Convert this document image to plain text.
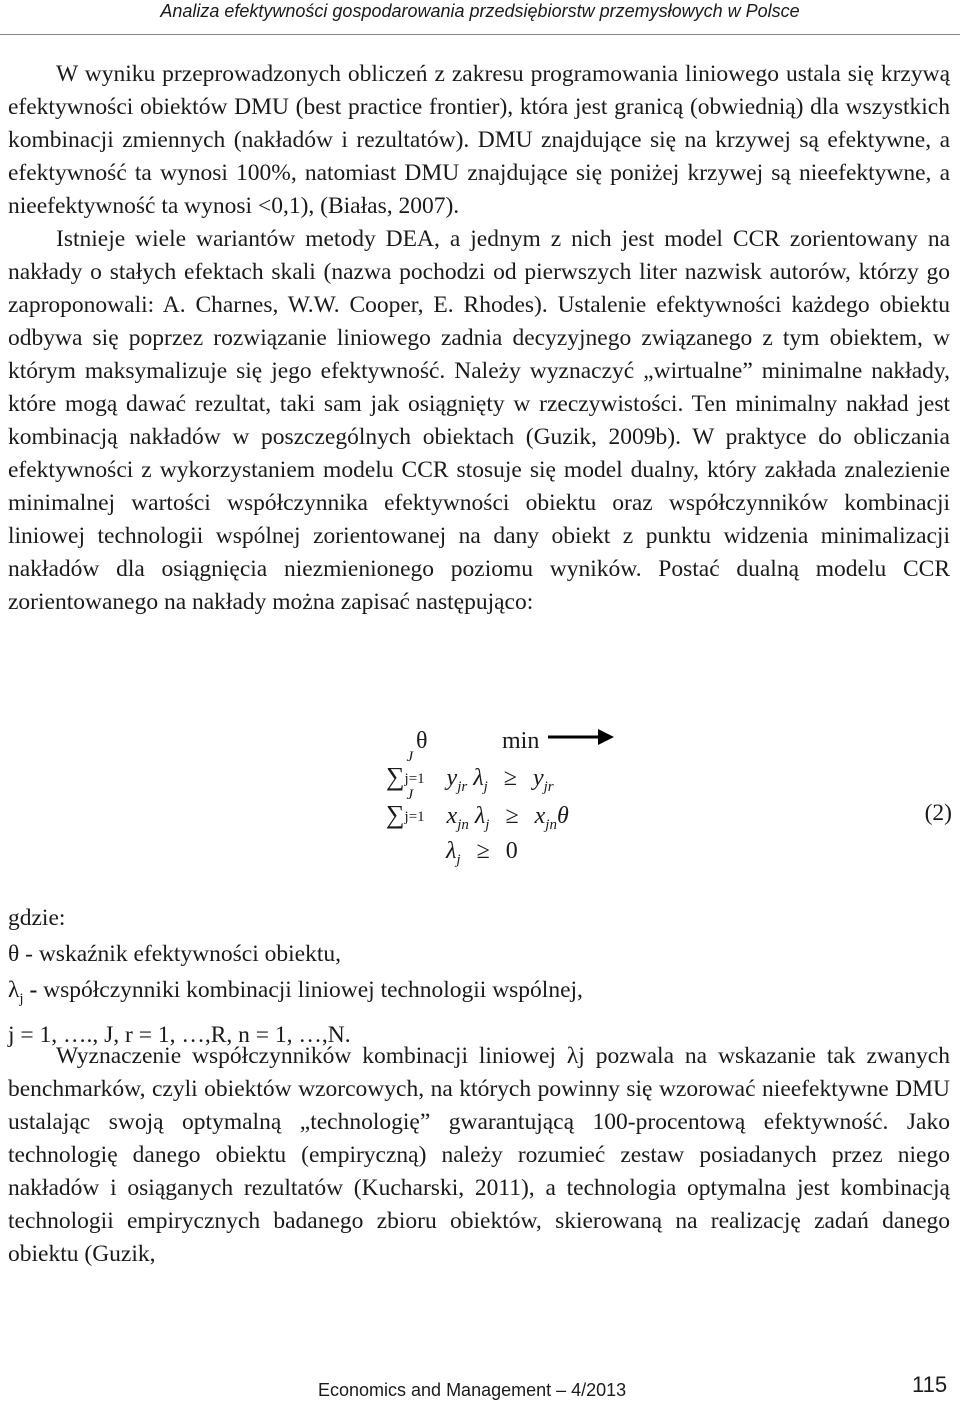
Analiza efektywności gospodarowania przedsiębiorstw przemysłowych w Polsce

W wyniku przeprowadzonych obliczeń z zakresu programowania liniowego ustala się krzywą efektywności obiektów DMU (best practice frontier), która jest granicą (obwiednią) dla wszystkich kombinacji zmiennych (nakładów i rezultatów). DMU znajdujące się na krzywej są efektywne, a efektywność ta wynosi 100%, natomiast DMU znajdujące się poniżej krzywej są nieefektywne, a nieefektywność ta wynosi <0,1), (Białas, 2007).

Istnieje wiele wariantów metody DEA, a jednym z nich jest model CCR zorientowany na nakłady o stałych efektach skali (nazwa pochodzi od pierwszych liter nazwisk autorów, którzy go zaproponowali: A. Charnes, W.W. Cooper, E. Rhodes). Ustalenie efektywności każdego obiektu odbywa się poprzez rozwiązanie liniowego zadnia decyzyjnego związanego z tym obiektem, w którym maksymalizuje się jego efektywność. Należy wyznaczyć „wirtualne” minimalne nakłady, które mogą dawać rezultat, taki sam jak osiągnięty w rzeczywistości. Ten minimalny nakład jest kombinacją nakładów w poszczególnych obiektach (Guzik, 2009b). W praktyce do obliczania efektywności z wykorzystaniem modelu CCR stosuje się model dualny, który zakłada znalezienie minimalnej wartości współczynnika efektywności obiektu oraz współczynników kombinacji liniowej technologii wspólnej zorientowanej na dany obiekt z punktu widzenia minimalizacji nakładów dla osiągnięcia niezmienionego poziomu wyników. Postać dualną modelu CCR zorientowanego na nakłady można zapisać następująco:

θ	min
∑
J
j=1 $y_{jr}$ $\lambda_j \ge y_{jr}$
∑
J
j=1 $x_{jn}$ $\lambda_j \ge x_{jn}\theta$
$\lambda_j \ge 0$
(2)

gdzie:

θ - wskaźnik efektywności obiektu,

$\lambda_j$ - współczynniki kombinacji liniowej technologii wspólnej,

j = 1, …., J, r = 1, …,R, n = 1, …,N.

Wyznaczenie współczynników kombinacji liniowej λj pozwala na wskazanie tak zwanych benchmarków, czyli obiektów wzorcowych, na których powinny się wzorować nieefektywne DMU ustalając swoją optymalną „technologię” gwarantującą 100-procentową efektywność. Jako technologię danego obiektu (empiryczną) należy rozumieć zestaw posiadanych przez niego nakładów i osiąganych rezultatów (Kucharski, 2011), a technologia optymalna jest kombinacją technologii empirycznych badanego zbioru obiektów, skierowaną na realizację zadań danego obiektu (Guzik,

Economics and Management – 4/2013	115
